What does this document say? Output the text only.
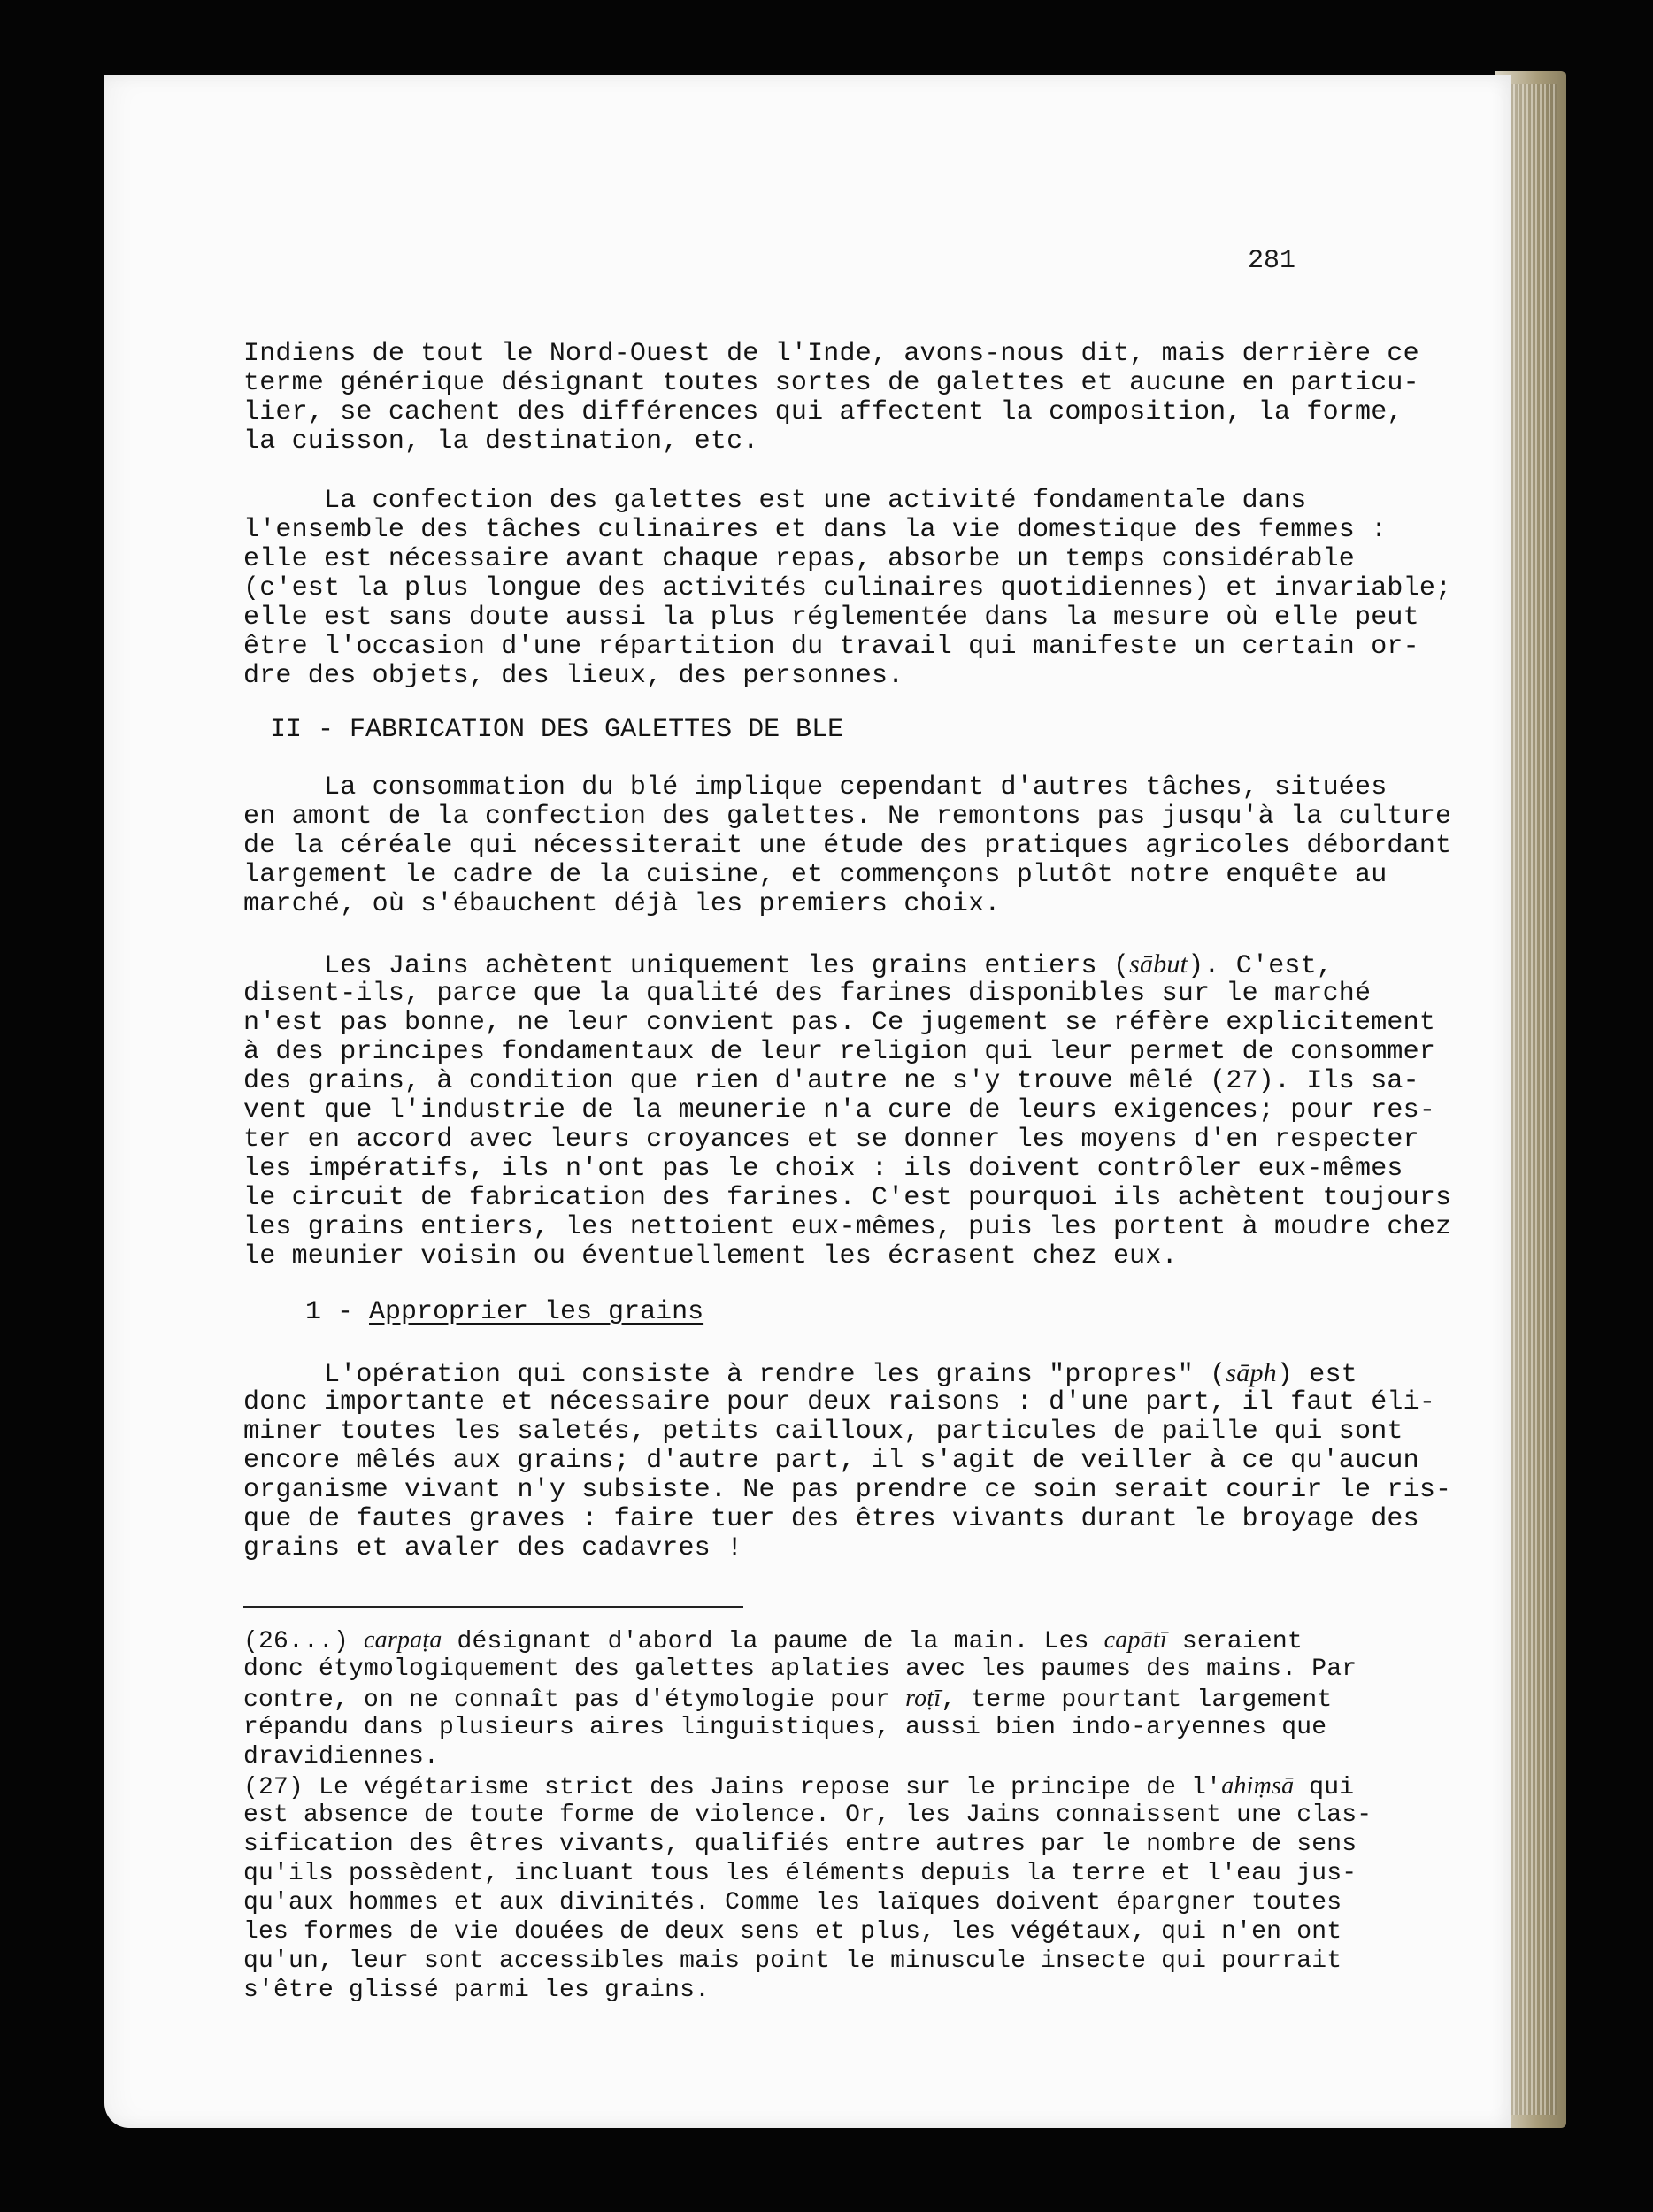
281
Indiens de tout le Nord-Ouest de l'Inde, avons-nous dit, mais derrière ce
terme générique désignant toutes sortes de galettes et aucune en particu-
lier, se cachent des différences qui affectent la composition, la forme,
la cuisson, la destination, etc.
La confection des galettes est une activité fondamentale dans
l'ensemble des tâches culinaires et dans la vie domestique des femmes :
elle est nécessaire avant chaque repas, absorbe un temps considérable
(c'est la plus longue des activités culinaires quotidiennes) et invariable;
elle est sans doute aussi la plus réglementée dans la mesure où elle peut
être l'occasion d'une répartition du travail qui manifeste un certain or-
dre des objets, des lieux, des personnes.
La consommation du blé implique cependant d'autres tâches, situées
en amont de la confection des galettes. Ne remontons pas jusqu'à la culture
de la céréale qui nécessiterait une étude des pratiques agricoles débordant
largement le cadre de la cuisine, et commençons plutôt notre enquête au
marché, où s'ébauchent déjà les premiers choix.
Les Jains achètent uniquement les grains entiers (sābut). C'est,
disent-ils, parce que la qualité des farines disponibles sur le marché
n'est pas bonne, ne leur convient pas. Ce jugement se réfère explicitement
à des principes fondamentaux de leur religion qui leur permet de consommer
des grains, à condition que rien d'autre ne s'y trouve mêlé (27). Ils sa-
vent que l'industrie de la meunerie n'a cure de leurs exigences; pour res-
ter en accord avec leurs croyances et se donner les moyens d'en respecter
les impératifs, ils n'ont pas le choix : ils doivent contrôler eux-mêmes
le circuit de fabrication des farines. C'est pourquoi ils achètent toujours
les grains entiers, les nettoient eux-mêmes, puis les portent à moudre chez
le meunier voisin ou éventuellement les écrasent chez eux.
L'opération qui consiste à rendre les grains "propres" (sāph) est
donc importante et nécessaire pour deux raisons : d'une part, il faut éli-
miner toutes les saletés, petits cailloux, particules de paille qui sont
encore mêlés aux grains; d'autre part, il s'agit de veiller à ce qu'aucun
organisme vivant n'y subsiste. Ne pas prendre ce soin serait courir le ris-
que de fautes graves : faire tuer des êtres vivants durant le broyage des
grains et avaler des cadavres !
II - FABRICATION DES GALETTES DE BLE
1 - Approprier les grains
(26...) carpaṭa désignant d'abord la paume de la main. Les capātī seraient
donc étymologiquement des galettes aplaties avec les paumes des mains. Par
contre, on ne connaît pas d'étymologie pour roṭī, terme pourtant largement
répandu dans plusieurs aires linguistiques, aussi bien indo-aryennes que
dravidiennes.
(27) Le végétarisme strict des Jains repose sur le principe de l'ahiṃsā qui
est absence de toute forme de violence. Or, les Jains connaissent une clas-
sification des êtres vivants, qualifiés entre autres par le nombre de sens
qu'ils possèdent, incluant tous les éléments depuis la terre et l'eau jus-
qu'aux hommes et aux divinités. Comme les laïques doivent épargner toutes
les formes de vie douées de deux sens et plus, les végétaux, qui n'en ont
qu'un, leur sont accessibles mais point le minuscule insecte qui pourrait
s'être glissé parmi les grains.
